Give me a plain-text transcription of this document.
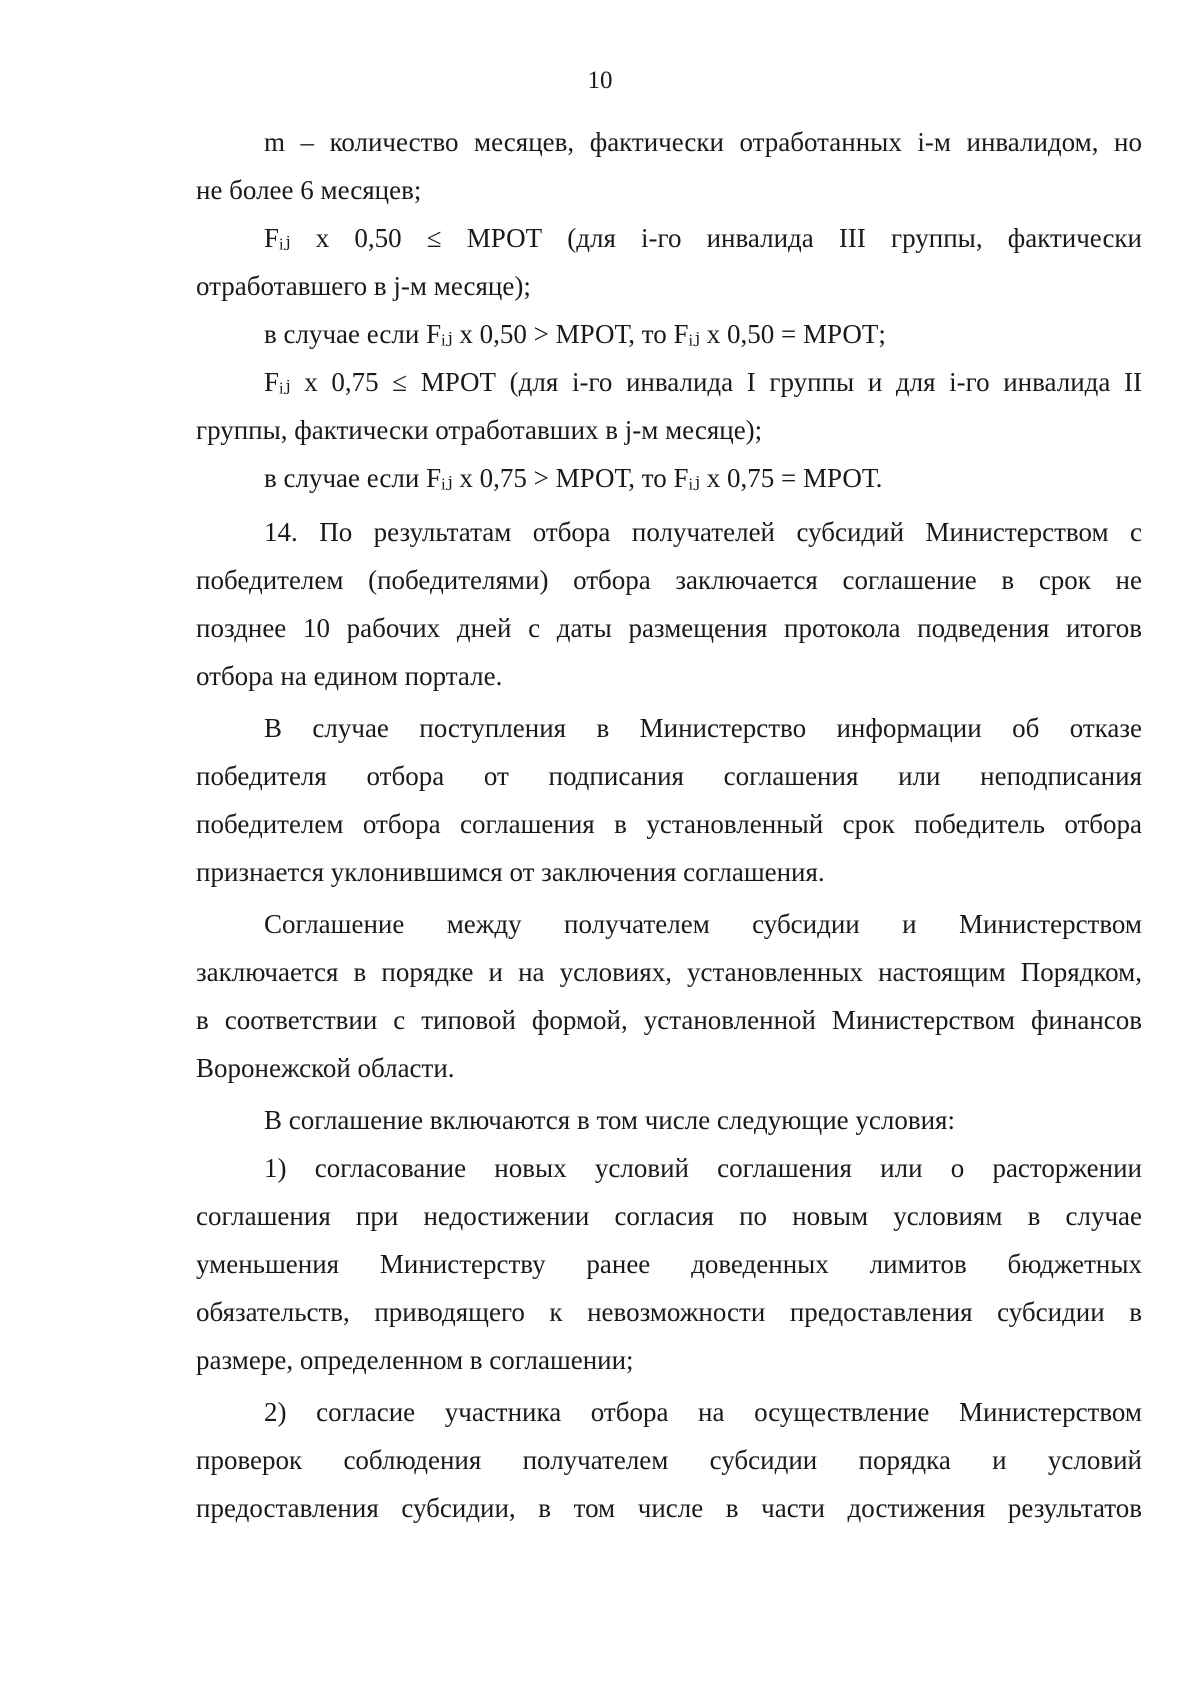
10
m – количество месяцев, фактически отработанных i-м инвалидом, но
не более 6 месяцев;
Fᵢⱼ х 0,50 ≤ МРОТ (для i-го инвалида III группы, фактически
отработавшего в j-м месяце);
в случае если Fᵢⱼ х 0,50 > МРОТ, то Fᵢⱼ х 0,50 = МРОТ;
Fᵢⱼ х 0,75 ≤ МРОТ (для i-го инвалида I группы и для i-го инвалида II
группы, фактически отработавших в j-м месяце);
в случае если Fᵢⱼ х 0,75 > МРОТ, то Fᵢⱼ х 0,75 = МРОТ.
14. По результатам отбора получателей субсидий Министерством с
победителем (победителями) отбора заключается соглашение в срок не
позднее 10 рабочих дней с даты размещения протокола подведения итогов
отбора на едином портале.
В случае поступления в Министерство информации об отказе
победителя отбора от подписания соглашения или неподписания
победителем отбора соглашения в установленный срок победитель отбора
признается уклонившимся от заключения соглашения.
Соглашение между получателем субсидии и Министерством
заключается в порядке и на условиях, установленных настоящим Порядком,
в соответствии с типовой формой, установленной Министерством финансов
Воронежской области.
В соглашение включаются в том числе следующие условия:
1) согласование новых условий соглашения или о расторжении
соглашения при недостижении согласия по новым условиям в случае
уменьшения Министерству ранее доведенных лимитов бюджетных
обязательств, приводящего к невозможности предоставления субсидии в
размере, определенном в соглашении;
2) согласие участника отбора на осуществление Министерством
проверок соблюдения получателем субсидии порядка и условий
предоставления субсидии, в том числе в части достижения результатов
